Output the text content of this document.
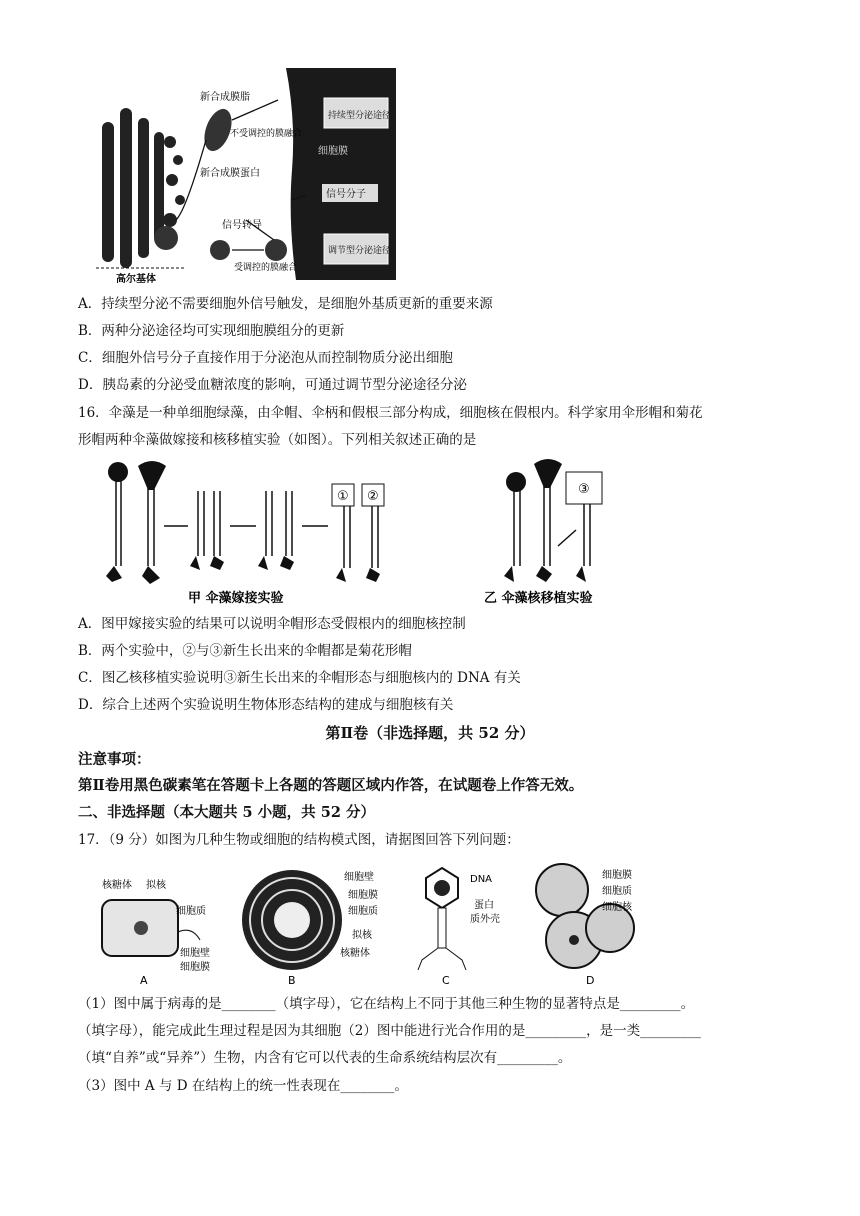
新合成膜脂
不受调控的膜融合
新合成膜蛋白
信号转导
受调控的膜融合
高尔基体
持续型分泌途径
细胞膜
信号分子
调节型分泌途径
A．持续型分泌不需要细胞外信号触发，是细胞外基质更新的重要来源
B．两种分泌途径均可实现细胞膜组分的更新
C．细胞外信号分子直接作用于分泌泡从而控制物质分泌出细胞
D．胰岛素的分泌受血糖浓度的影响，可通过调节型分泌途径分泌
16．伞藻是一种单细胞绿藻，由伞帽、伞柄和假根三部分构成，细胞核在假根内。科学家用伞形帽和菊花
形帽两种伞藻做嫁接和核移植实验（如图）。下列相关叙述正确的是
① ②	③
甲 伞藻嫁接实验	乙 伞藻核移植实验
A．图甲嫁接实验的结果可以说明伞帽形态受假根内的细胞核控制
B．两个实验中，②与③新生长出来的伞帽都是菊花形帽
C．图乙核移植实验说明③新生长出来的伞帽形态与细胞核内的 DNA 有关
D．综合上述两个实验说明生物体形态结构的建成与细胞核有关
第Ⅱ卷（非选择题，共 52 分）
注意事项：
第Ⅱ卷用黑色碳素笔在答题卡上各题的答题区域内作答，在试题卷上作答无效。
二、非选择题（本大题共 5 小题，共 52 分）
17．（9 分）如图为几种生物或细胞的结构模式图，请据图回答下列问题：
核糖体 拟核
细胞质
细胞壁
细胞膜
A
细胞壁
细胞膜
细胞质
拟核
核糖体
B
DNA
蛋白
质外壳
C
细胞膜
细胞质
细胞核
D
（1）图中属于病毒的是________（填字母），它在结构上不同于其他三种生物的显著特点是_________。
（填字母），能完成此生理过程是因为其细胞（2）图中能进行光合作用的是_________，是一类_________
（填“自养”或“异养”）生物，内含有它可以代表的生命系统结构层次有_________。
（3）图中 A 与 D 在结构上的统一性表现在________。
